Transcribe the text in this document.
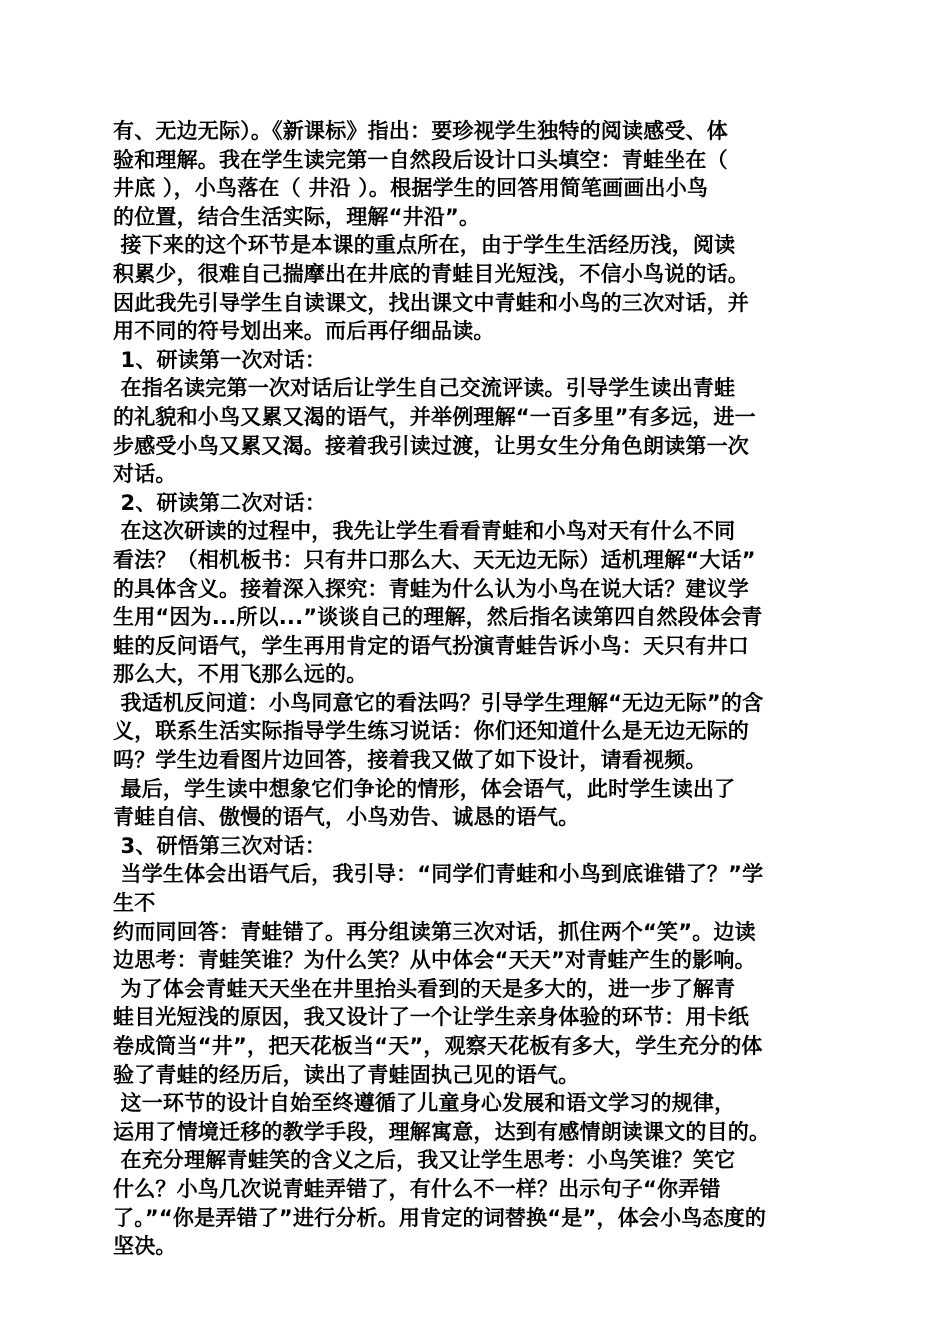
有、无边无际）。《新课标》指出：要珍视学生独特的阅读感受、体
验和理解。我在学生读完第一自然段后设计口头填空：青蛙坐在（
井底 ），小鸟落在（ 井沿 ）。根据学生的回答用简笔画画出小鸟
的位置，结合生活实际，理解“井沿”。
接下来的这个环节是本课的重点所在，由于学生生活经历浅，阅读
积累少，很难自己揣摩出在井底的青蛙目光短浅，不信小鸟说的话。
因此我先引导学生自读课文，找出课文中青蛙和小鸟的三次对话，并
用不同的符号划出来。而后再仔细品读。
1、研读第一次对话：
在指名读完第一次对话后让学生自己交流评读。引导学生读出青蛙
的礼貌和小鸟又累又渴的语气，并举例理解“一百多里”有多远，进一
步感受小鸟又累又渴。接着我引读过渡，让男女生分角色朗读第一次
对话。
2、研读第二次对话：
在这次研读的过程中，我先让学生看看青蛙和小鸟对天有什么不同
看法？（相机板书：只有井口那么大、天无边无际）适机理解“大话”
的具体含义。接着深入探究：青蛙为什么认为小鸟在说大话？建议学
生用“因为...所以...”谈谈自己的理解，然后指名读第四自然段体会青
蛙的反问语气，学生再用肯定的语气扮演青蛙告诉小鸟：天只有井口
那么大，不用飞那么远的。
我适机反问道：小鸟同意它的看法吗？引导学生理解“无边无际”的含
义，联系生活实际指导学生练习说话：你们还知道什么是无边无际的
吗？学生边看图片边回答，接着我又做了如下设计，请看视频。
最后，学生读中想象它们争论的情形，体会语气，此时学生读出了
青蛙自信、傲慢的语气，小鸟劝告、诚恳的语气。
3、研悟第三次对话：
当学生体会出语气后，我引导：“同学们青蛙和小鸟到底谁错了？”学
生不
约而同回答：青蛙错了。再分组读第三次对话，抓住两个“笑”。边读
边思考：青蛙笑谁？为什么笑？从中体会“天天”对青蛙产生的影响。
为了体会青蛙天天坐在井里抬头看到的天是多大的，进一步了解青
蛙目光短浅的原因，我又设计了一个让学生亲身体验的环节：用卡纸
卷成筒当“井”，把天花板当“天”，观察天花板有多大，学生充分的体
验了青蛙的经历后，读出了青蛙固执己见的语气。
这一环节的设计自始至终遵循了儿童身心发展和语文学习的规律，
运用了情境迁移的教学手段，理解寓意，达到有感情朗读课文的目的。
在充分理解青蛙笑的含义之后，我又让学生思考：小鸟笑谁？笑它
什么？小鸟几次说青蛙弄错了，有什么不一样？出示句子“你弄错
了。”“你是弄错了”进行分析。用肯定的词替换“是”，体会小鸟态度的
坚决。
